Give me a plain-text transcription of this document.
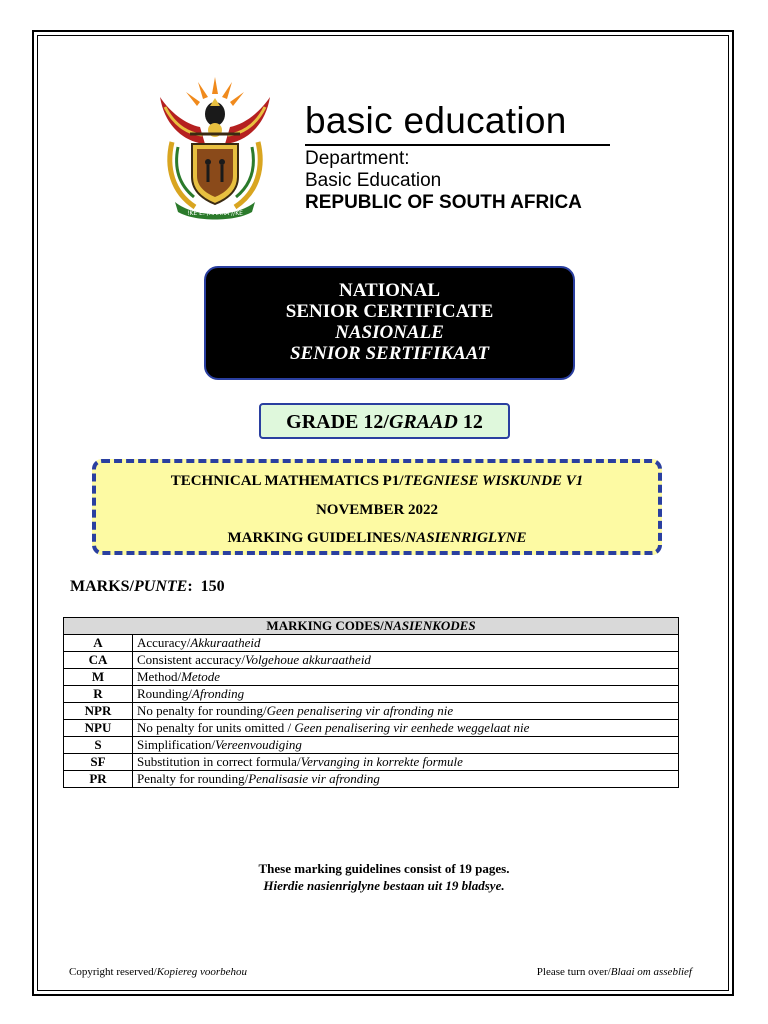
!KE E: /XARRA //KE
basic education
Department:
Basic Education
REPUBLIC OF SOUTH AFRICA
NATIONAL
SENIOR CERTIFICATE
NASIONALE
SENIOR SERTIFIKAAT
GRADE 12/GRAAD 12
TECHNICAL MATHEMATICS P1/TEGNIESE WISKUNDE V1
NOVEMBER 2022
MARKING GUIDELINES/NASIENRIGLYNE
MARKS/PUNTE: 150
MARKING CODES/NASIENKODES	
A	Accuracy/Akkuraatheid
CA	Consistent accuracy/Volgehoue akkuraatheid
M	Method/Metode
R	Rounding/Afronding
NPR	No penalty for rounding/Geen penalisering vir afronding nie
NPU	No penalty for units omitted / Geen penalisering vir eenhede weggelaat nie
S	Simplification/Vereenvoudiging
SF	Substitution in correct formula/Vervanging in korrekte formule
PR	Penalty for rounding/Penalisasie vir afronding
These marking guidelines consist of 19 pages.
Hierdie nasienriglyne bestaan uit 19 bladsye.
Copyright reserved/Kopiereg voorbehou	Please turn over/Blaai om asseblief
